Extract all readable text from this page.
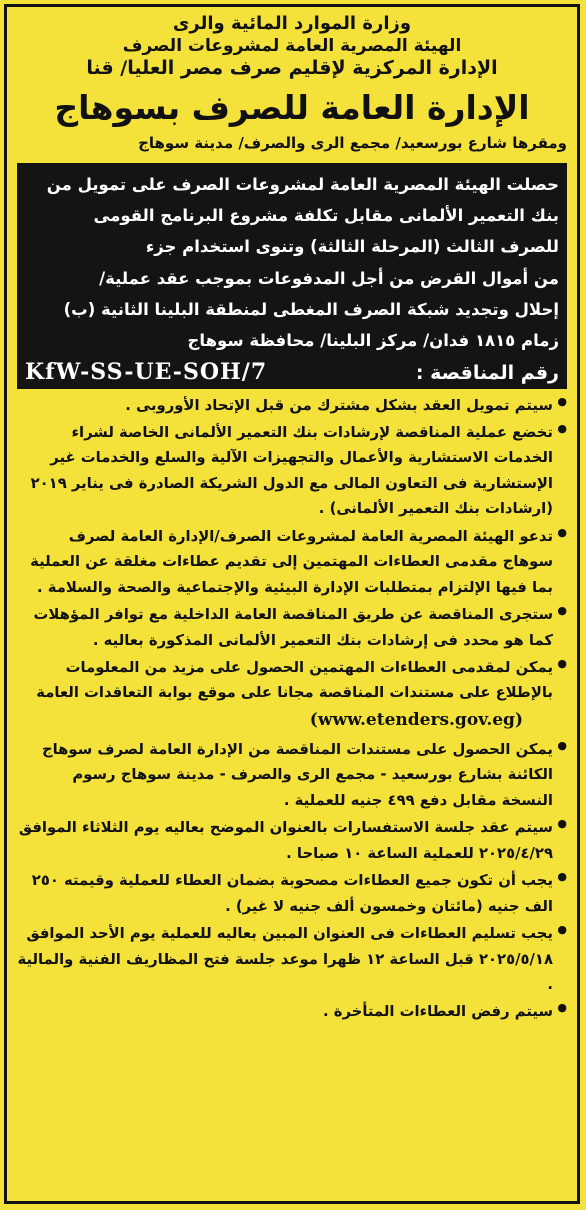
وزارة الموارد المائية والرى

الهيئة المصرية العامة لمشروعات الصرف

الإدارة المركزية لإقليم صرف مصر العليا/ قنا

الإدارة العامة للصرف بسوهاج

ومقرها شارع بورسعيد/ مجمع الرى والصرف/ مدينة سوهاج

حصلت الهيئة المصرية العامة لمشروعات الصرف على تمويل من

بنك التعمير الألمانى مقابل تكلفة مشروع البرنامج القومى

للصرف الثالث (المرحلة الثالثة) وتنوى استخدام جزء

من أموال القرض من أجل المدفوعات بموجب عقد عملية/

إحلال وتجديد شبكة الصرف المغطى لمنطقة البلينا الثانية (ب)

زمام ١٨١٥ فدان/ مركز البلينا/ محافظة سوهاج

رقم المناقصة :
KfW-SS-UE-SOH/7
● سيتم تمويل العقد بشكل مشترك من قبل الإتحاد الأوروبى .
● تخضع عملية المناقصة لإرشادات بنك التعمير الألمانى الخاصة لشراء الخدمات الاستشارية والأعمال والتجهيزات الآلية والسلع والخدمات غير الإستشارية فى التعاون المالى مع الدول الشريكة الصادرة فى يناير ٢٠١٩ (ارشادات بنك التعمير الألمانى) .
● تدعو الهيئة المصرية العامة لمشروعات الصرف/الإدارة العامة لصرف سوهاج مقدمى العطاءات المهتمين إلى تقديم عطاءات مغلقة عن العملية بما فيها الإلتزام بمتطلبات الإدارة البيئية والإجتماعية والصحة والسلامة .
● ستجرى المناقصة عن طريق المناقصة العامة الداخلية مع توافر المؤهلات كما هو محدد فى إرشادات بنك التعمير الألمانى المذكورة بعاليه .
● يمكن لمقدمى العطاءات المهتمين الحصول على مزيد من المعلومات بالإطلاع على مستندات المناقصة مجانا على موقع بوابة التعاقدات العامة
(www.etenders.gov.eg)
● يمكن الحصول على مستندات المناقصة من الإدارة العامة لصرف سوهاج الكائنة بشارع بورسعيد - مجمع الرى والصرف - مدينة سوهاج رسوم النسخة مقابل دفع ٤٩٩ جنيه للعملية .
● سيتم عقد جلسة الاستفسارات بالعنوان الموضح بعاليه يوم الثلاثاء الموافق ٢٠٢٥/٤/٢٩ للعملية الساعة ١٠ صباحا .
● يجب أن تكون جميع العطاءات مصحوبة بضمان العطاء للعملية وقيمته ٢٥٠ الف جنيه (مائتان وخمسون ألف جنيه لا غير) .
● يجب تسليم العطاءات فى العنوان المبين بعاليه للعملية يوم الأحد الموافق ٢٠٢٥/٥/١٨ قبل الساعة ١٢ ظهرا موعد جلسة فتح المظاريف الفنية والمالية .
● سيتم رفض العطاءات المتأخرة .
